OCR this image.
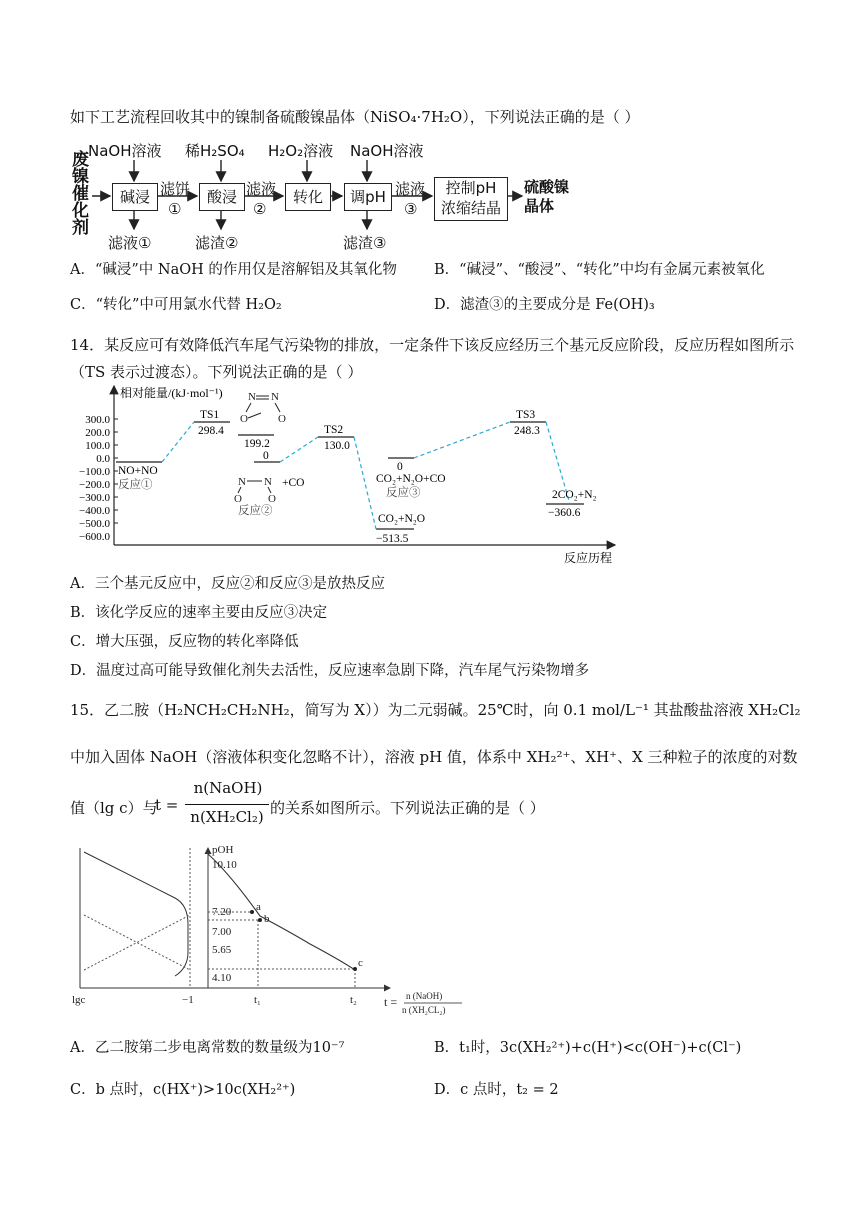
如下工艺流程回收其中的镍制备硫酸镍晶体（NiSO₄·7H₂O），下列说法正确的是（ ）
废镍催化剂
NaOH溶液 稀H₂SO₄ H₂O₂溶液 NaOH溶液
碱浸	酸浸	转化	调pH	控制pH
浓缩结晶
滤饼
①
滤液
②
滤液
③
滤液①	滤渣②	滤渣③
硫酸镍晶体
A．“碱浸”中 NaOH 的作用仅是溶解铝及其氧化物	B．“碱浸”、“酸浸”、“转化”中均有金属元素被氧化
C．“转化”中可用氯水代替 H₂O₂	D．滤渣③的主要成分是 Fe(OH)₃
14．某反应可有效降低汽车尾气污染物的排放，一定条件下该反应经历三个基元反应阶段，反应历程如图所示
（TS 表示过渡态）。下列说法正确的是（ ）
相对能量/(kJ·mol⁻¹)
反应历程
300.0
200.0
100.0
0.0
−100.0
−200.0
−300.0
−400.0
−500.0
−600.0
TS1
298.4
199.2
TS2
130.0
TS3
248.3
NO+NO
反应①
0
+CO
反应②
0
CO₂+N₂O+CO
反应③
CO₂+N₂O
−513.5
2CO₂+N₂
−360.6
N N
O	O
N N
O O
A．三个基元反应中，反应②和反应③是放热反应
B．该化学反应的速率主要由反应③决定
C．增大压强，反应物的转化率降低
D．温度过高可能导致催化剂失去活性，反应速率急剧下降，汽车尾气污染物增多
15．乙二胺（H₂NCH₂CH₂NH₂，简写为 X））为二元弱碱。25℃时，向 0.1 mol/L⁻¹ 其盐酸盐溶液 XH₂Cl₂
中加入固体 NaOH（溶液体积变化忽略不计），溶液 pH 值，体系中 XH₂²⁺、XH⁺、X 三种粒子的浓度的对数
值（lg c）与
t =
n(NaOH)
n(XH₂Cl₂) 的关系如图所示。下列说法正确的是（ ）
pOH
10.10
7.20
7.00
5.65
4.10
lgc	−1	t₁	t₂
a
b
c
t = n (NaOH)
n (XH₂CL₂)
A．乙二胺第二步电离常数的数量级为10⁻⁷	B．t₁时，3c(XH₂²⁺)+c(H⁺)<c(OH⁻)+c(Cl⁻)
C．b 点时，c(HX⁺)>10c(XH₂²⁺)	D．c 点时，t₂ = 2
